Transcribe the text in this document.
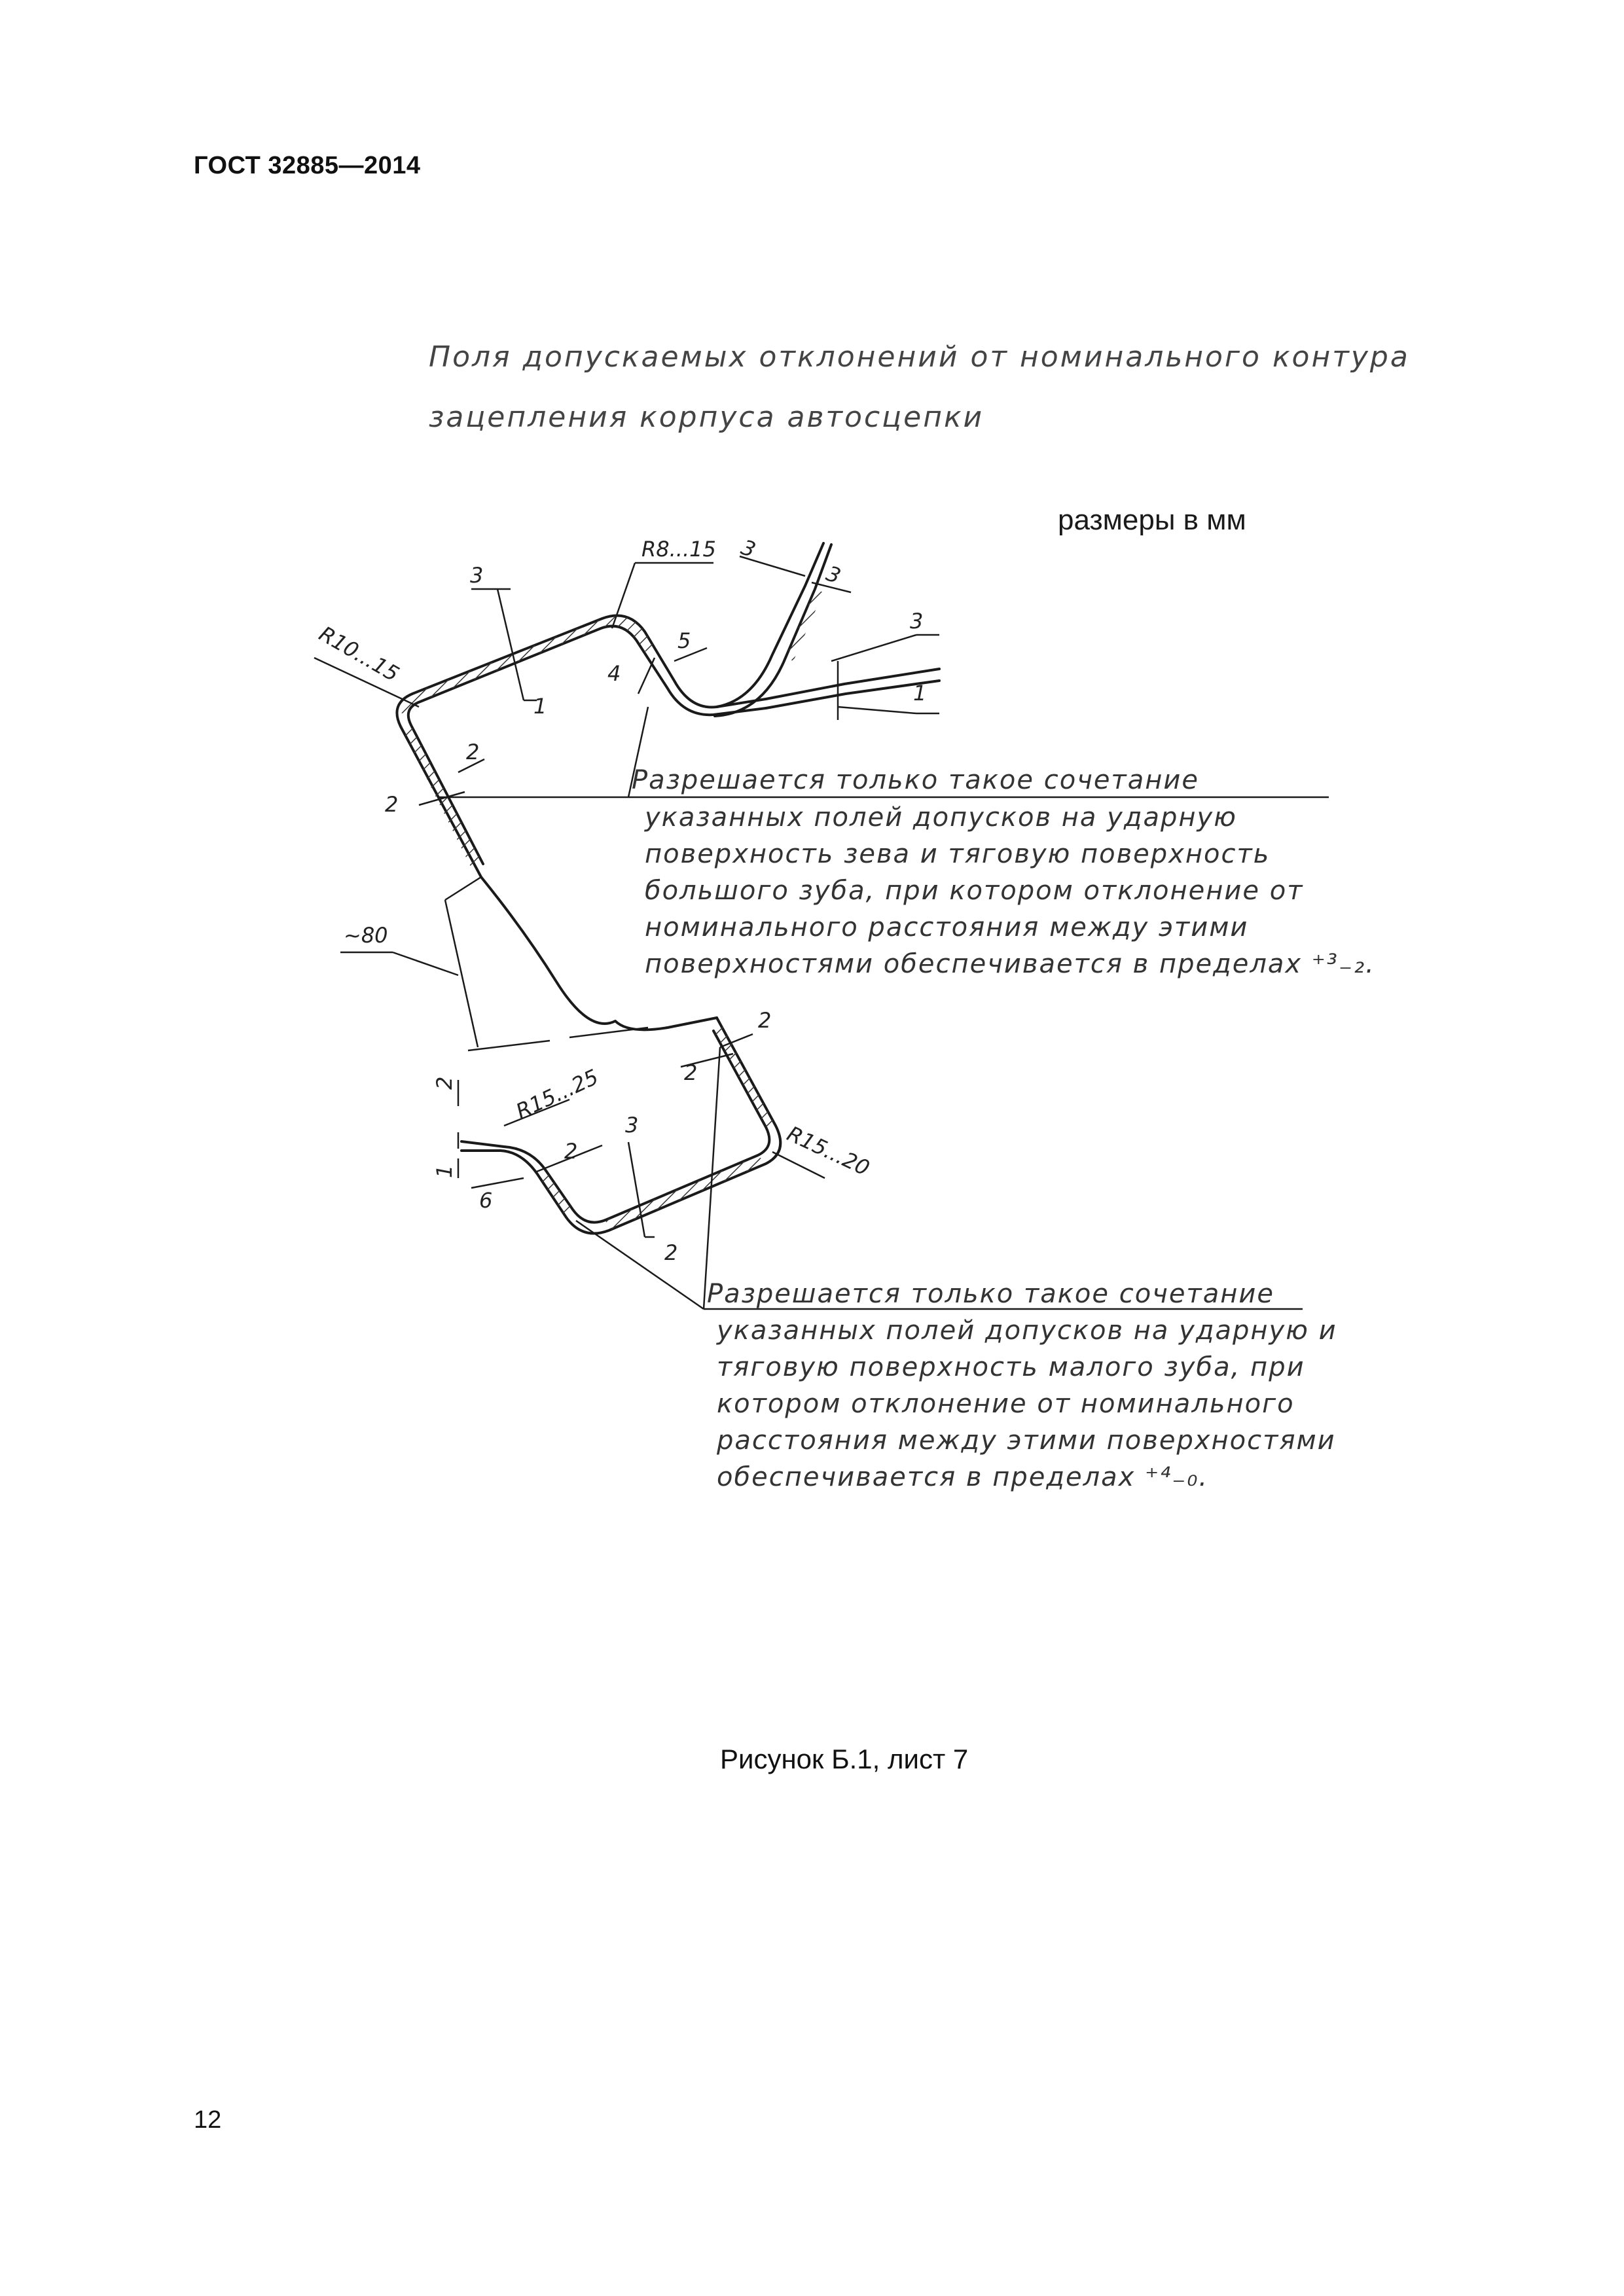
ГОСТ 32885—2014
Поля допускаемых отклонений от номинального контура
зацепления корпуса автосцепки
размеры в мм
R10...15
3
1
R8...15 3
3
4
5
3
1
2
2
~80
2	R15...25
1
6
2
3
2
2
2
R15...20
Разрешается только такое сочетание
указанных полей допусков на ударную
поверхность зева и тяговую поверхность
большого зуба, при котором отклонение от
номинального расстояния между этими
поверхностями обеспечивается в пределах ⁺³₋₂.
Разрешается только такое сочетание
указанных полей допусков на ударную и
тяговую поверхность малого зуба, при
котором отклонение от номинального
расстояния между этими поверхностями
обеспечивается в пределах ⁺⁴₋₀.
Рисунок Б.1, лист 7
12
